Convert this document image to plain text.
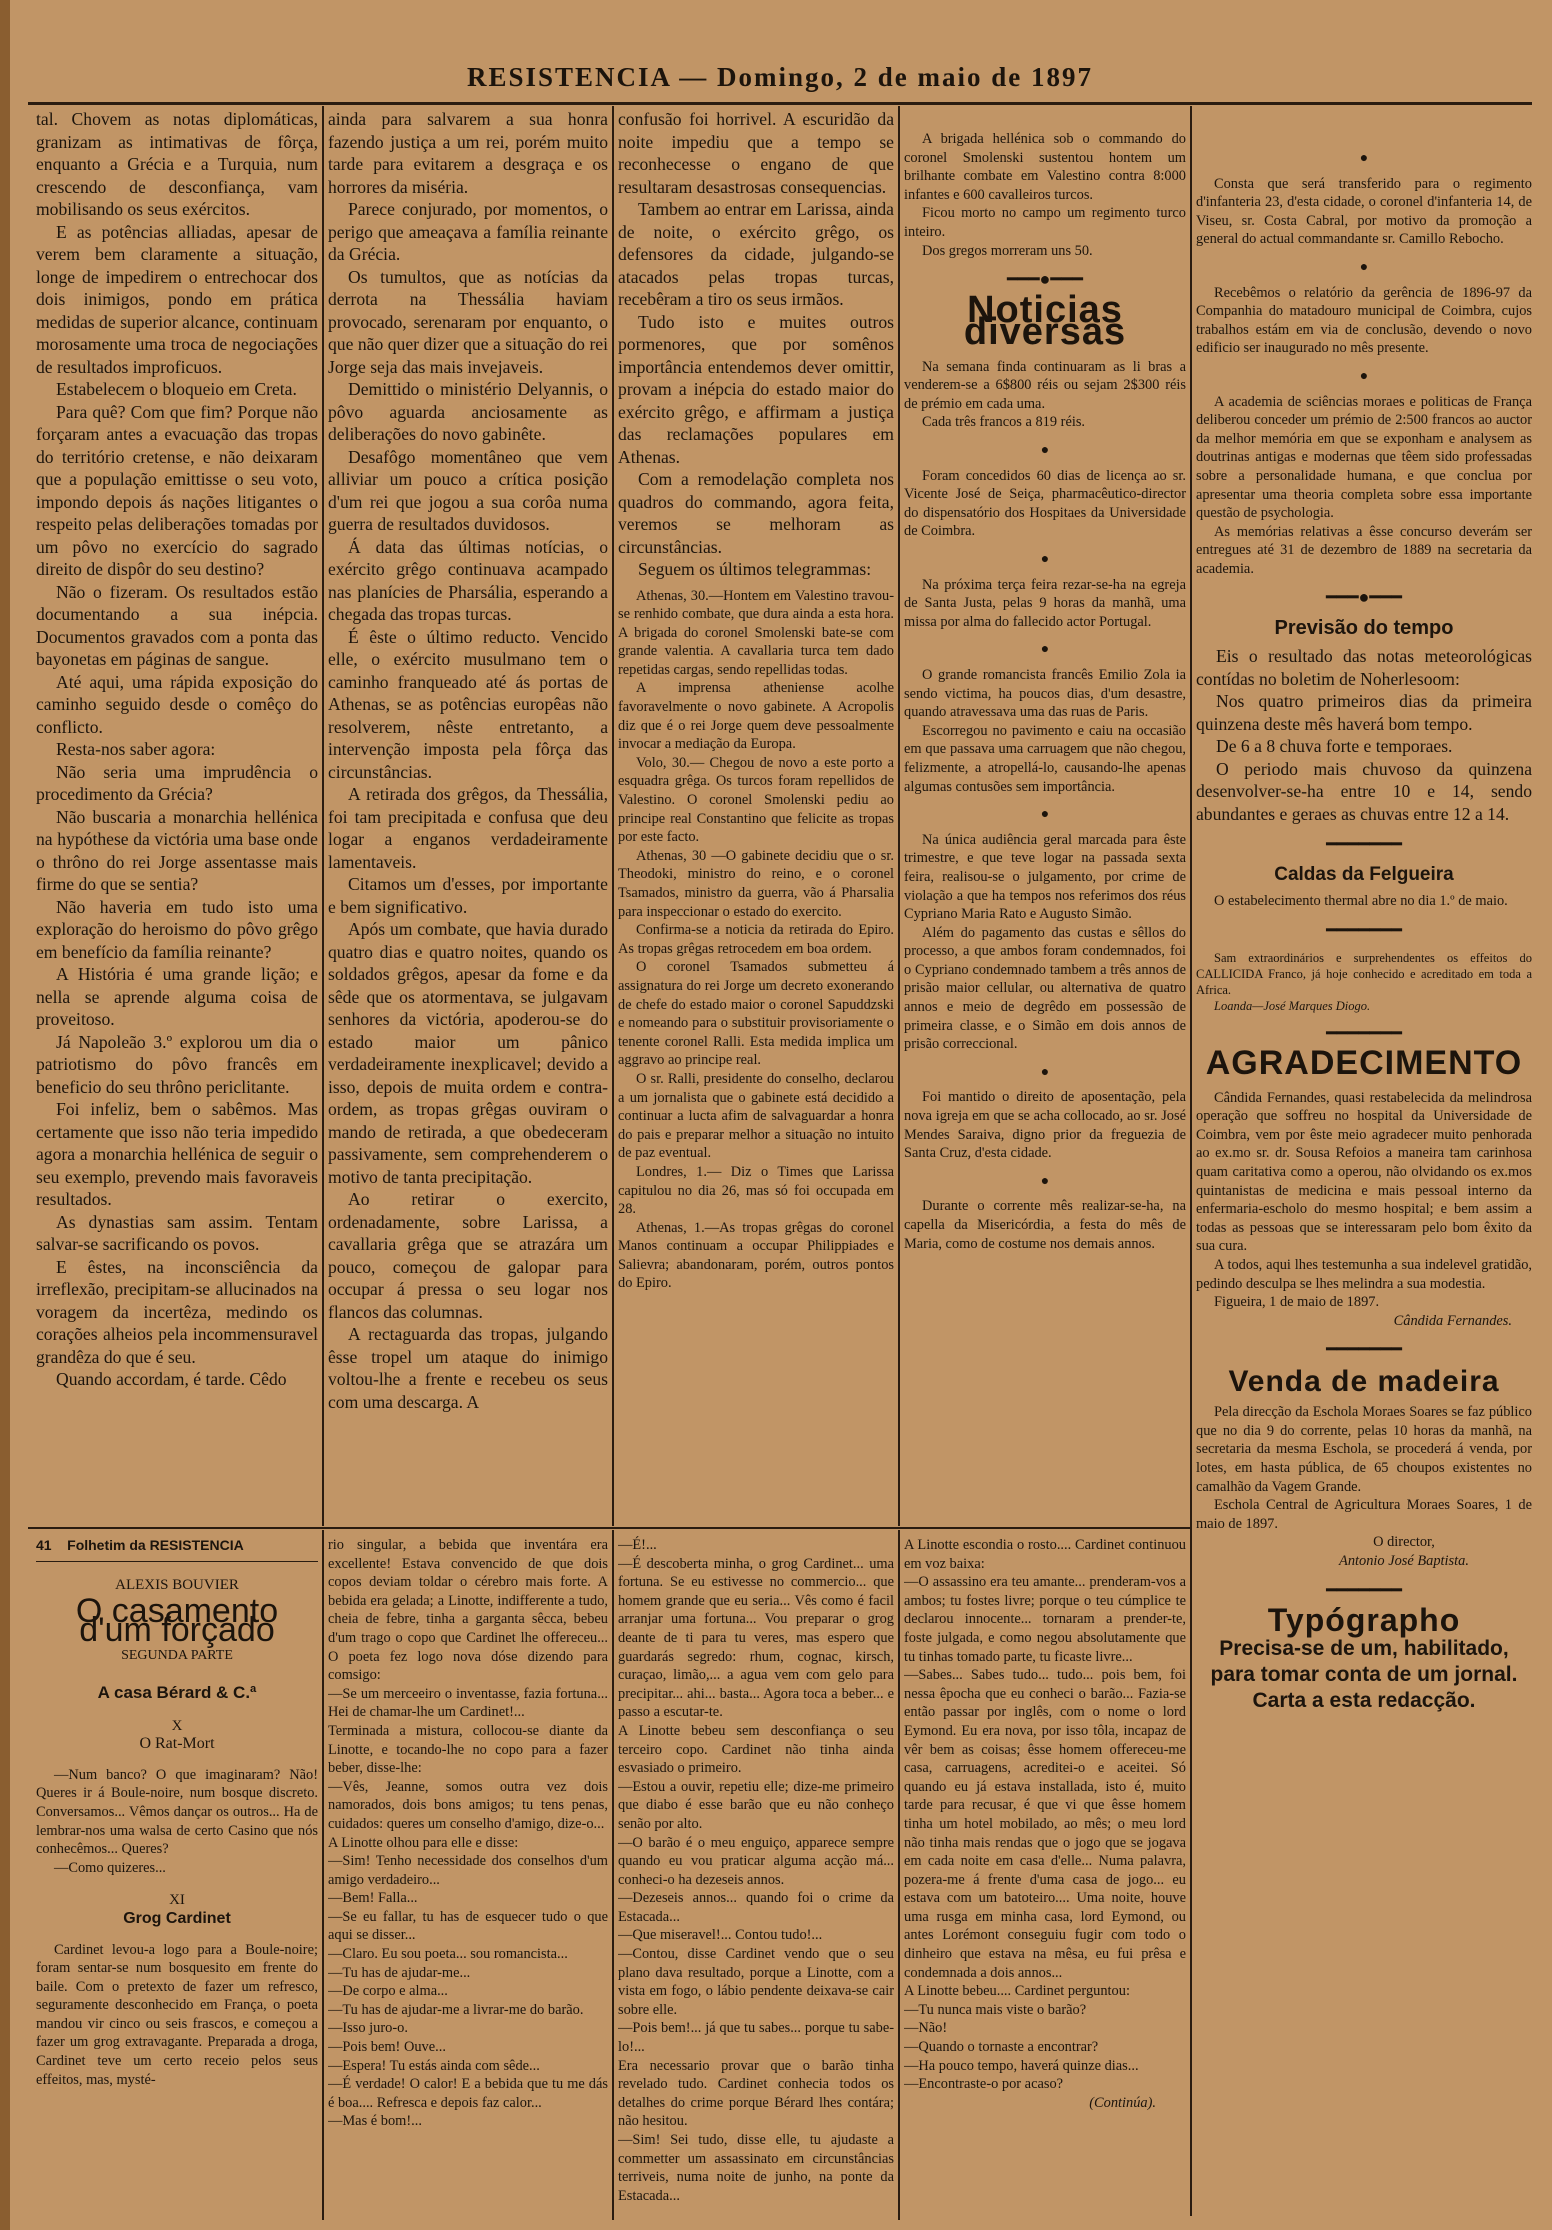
RESISTENCIA — Domingo, 2 de maio de 1897

tal. Chovem as notas diplomáticas, granizam as intimativas de fôrça, enquanto a Grécia e a Turquia, num crescendo de desconfiança, vam mobilisando os seus exércitos.

E as potências alliadas, apesar de verem bem claramente a situação, longe de impedirem o entrechocar dos dois inimigos, pondo em prática medidas de superior alcance, continuam morosamente uma troca de negociações de resultados improficuos.

Estabelecem o bloqueio em Creta.

Para quê? Com que fim? Porque não forçaram antes a evacuação das tropas do território cretense, e não deixaram que a população emittisse o seu voto, impondo depois ás nações litigantes o respeito pelas deliberações tomadas por um pôvo no exercício do sagrado direito de dispôr do seu destino?

Não o fizeram. Os resultados estão documentando a sua inépcia. Documentos gravados com a ponta das bayonetas em páginas de sangue.

Até aqui, uma rápida exposição do caminho seguido desde o comêço do conflicto.

Resta-nos saber agora:

Não seria uma imprudência o procedimento da Grécia?

Não buscaria a monarchia hellénica na hypóthese da victória uma base onde o thrôno do rei Jorge assentasse mais firme do que se sentia?

Não haveria em tudo isto uma exploração do heroismo do pôvo grêgo em benefício da família reinante?

A História é uma grande lição; e nella se aprende alguma coisa de proveitoso.

Já Napoleão 3.º explorou um dia o patriotismo do pôvo francês em beneficio do seu thrôno periclitante.

Foi infeliz, bem o sabêmos. Mas certamente que isso não teria impedido agora a monarchia hellénica de seguir o seu exemplo, prevendo mais favoraveis resultados.

As dynastias sam assim. Tentam salvar-se sacrificando os povos.

E êstes, na inconsciência da irreflexão, precipitam-se allucinados na voragem da incertêza, medindo os corações alheios pela incommensuravel grandêza do que é seu.

Quando accordam, é tarde. Cêdo

ainda para salvarem a sua honra fazendo justiça a um rei, porém muito tarde para evitarem a desgraça e os horrores da miséria.

Parece conjurado, por momentos, o perigo que ameaçava a família reinante da Grécia.

Os tumultos, que as notícias da derrota na Thessália haviam provocado, serenaram por enquanto, o que não quer dizer que a situação do rei Jorge seja das mais invejaveis.

Demittido o ministério Delyannis, o pôvo aguarda anciosamente as deliberações do novo gabinête.

Desafôgo momentâneo que vem alliviar um pouco a crítica posição d'um rei que jogou a sua corôa numa guerra de resultados duvidosos.

Á data das últimas notícias, o exército grêgo continuava acampado nas planícies de Pharsália, esperando a chegada das tropas turcas.

É êste o último reducto. Vencido elle, o exército musulmano tem o caminho franqueado até ás portas de Athenas, se as potências europêas não resolverem, nêste entretanto, a intervenção imposta pela fôrça das circunstâncias.

A retirada dos grêgos, da Thessália, foi tam precipitada e confusa que deu logar a enganos verdadeiramente lamentaveis.

Citamos um d'esses, por importante e bem significativo.

Após um combate, que havia durado quatro dias e quatro noites, quando os soldados grêgos, apesar da fome e da sêde que os atormentava, se julgavam senhores da victória, apoderou-se do estado maior um pânico verdadeiramente inexplicavel; devido a isso, depois de muita ordem e contra-ordem, as tropas grêgas ouviram o mando de retirada, a que obedeceram passivamente, sem comprehenderem o motivo de tanta precipitação.

Ao retirar o exercito, ordenadamente, sobre Larissa, a cavallaria grêga que se atrazára um pouco, começou de galopar para occupar á pressa o seu logar nos flancos das columnas.

A rectaguarda das tropas, julgando êsse tropel um ataque do inimigo voltou-lhe a frente e recebeu os seus com uma descarga. A

confusão foi horrivel. A escuridão da noite impediu que a tempo se reconhecesse o engano de que resultaram desastrosas consequencias.

Tambem ao entrar em Larissa, ainda de noite, o exército grêgo, os defensores da cidade, julgando-se atacados pelas tropas turcas, recebêram a tiro os seus irmãos.

Tudo isto e muites outros pormenores, que por somênos importância entendemos dever omittir, provam a inépcia do estado maior do exército grêgo, e affirmam a justiça das reclamações populares em Athenas.

Com a remodelação completa nos quadros do commando, agora feita, veremos se melhoram as circunstâncias.

Seguem os últimos telegrammas:

Athenas, 30.—Hontem em Valestino travou-se renhido combate, que dura ainda a esta hora. A brigada do coronel Smolenski bate-se com grande valentia. A cavallaria turca tem dado repetidas cargas, sendo repellidas todas.

A imprensa atheniense acolhe favoravelmente o novo gabinete. A Acropolis diz que é o rei Jorge quem deve pessoalmente invocar a mediação da Europa.

Volo, 30.— Chegou de novo a este porto a esquadra grêga. Os turcos foram repellidos de Valestino. O coronel Smolenski pediu ao principe real Constantino que felicite as tropas por este facto.

Athenas, 30 —O gabinete decidiu que o sr. Theodoki, ministro do reino, e o coronel Tsamados, ministro da guerra, vão á Pharsalia para inspeccionar o estado do exercito.

Confirma-se a noticia da retirada do Epiro. As tropas grêgas retrocedem em boa ordem.

O coronel Tsamados submetteu á assignatura do rei Jorge um decreto exonerando de chefe do estado maior o coronel Sapuddzski e nomeando para o substituir provisoriamente o tenente coronel Ralli. Esta medida implica um aggravo ao principe real.

O sr. Ralli, presidente do conselho, declarou a um jornalista que o gabinete está decidido a continuar a lucta afim de salvaguardar a honra do pais e preparar melhor a situação no intuito de paz eventual.

Londres, 1.— Diz o Times que Larissa capitulou no dia 26, mas só foi occupada em 28.

Athenas, 1.—As tropas grêgas do coronel Manos continuam a occupar Philippiades e Salievra; abandonaram, porém, outros pontos do Epiro.

A brigada hellénica sob o commando do coronel Smolenski sustentou hontem um brilhante combate em Valestino contra 8:000 infantes e 600 cavalleiros turcos.

Ficou morto no campo um regimento turco inteiro.

Dos gregos morreram uns 50.

━━━●━━━
Noticias diversas

Na semana finda continuaram as li bras a venderem-se a 6$800 réis ou sejam 2$300 réis de prémio em cada uma.

Cada três francos a 819 réis.

●

Foram concedidos 60 dias de licença ao sr. Vicente José de Seiça, pharmacêutico-director do dispensatório dos Hospitaes da Universidade de Coimbra.

●

Na próxima terça feira rezar-se-ha na egreja de Santa Justa, pelas 9 horas da manhã, uma missa por alma do fallecido actor Portugal.

●

O grande romancista francês Emilio Zola ia sendo victima, ha poucos dias, d'um desastre, quando atravessava uma das ruas de Paris.

Escorregou no pavimento e caiu na occasião em que passava uma carruagem que não chegou, felizmente, a atropellá-lo, causando-lhe apenas algumas contusões sem importância.

●

Na única audiência geral marcada para êste trimestre, e que teve logar na passada sexta feira, realisou-se o julgamento, por crime de violação a que ha tempos nos referimos dos réus Cypriano Maria Rato e Augusto Simão.

Além do pagamento das custas e sêllos do processo, a que ambos foram condemnados, foi o Cypriano condemnado tambem a três annos de prisão maior cellular, ou alternativa de quatro annos e meio de degrêdo em possessão de primeira classe, e o Simão em dois annos de prisão correccional.

●

Foi mantido o direito de aposentação, pela nova igreja em que se acha collocado, ao sr. José Mendes Saraiva, digno prior da freguezia de Santa Cruz, d'esta cidade.

●

Durante o corrente mês realizar-se-ha, na capella da Misericórdia, a festa do mês de Maria, como de costume nos demais annos.

●

Consta que será transferido para o regimento d'infanteria 23, d'esta cidade, o coronel d'infanteria 14, de Viseu, sr. Costa Cabral, por motivo da promoção a general do actual commandante sr. Camillo Rebocho.

●

Recebêmos o relatório da gerência de 1896-97 da Companhia do matadouro municipal de Coimbra, cujos trabalhos estám em via de conclusão, devendo o novo edificio ser inaugurado no mês presente.

●

A academia de sciências moraes e politicas de França deliberou conceder um prémio de 2:500 francos ao auctor da melhor memória em que se exponham e analysem as doutrinas antigas e modernas que têem sido professadas sobre a personalidade humana, e que conclua por apresentar uma theoria completa sobre essa importante questão de psychologia.

As memórias relativas a êsse concurso deverám ser entregues até 31 de dezembro de 1889 na secretaria da academia.

━━━●━━━
Previsão do tempo

Eis o resultado das notas meteorológicas contídas no boletim de Noherlesoom:

Nos quatro primeiros dias da primeira quinzena deste mês haverá bom tempo.

De 6 a 8 chuva forte e temporaes.

O periodo mais chuvoso da quinzena desenvolver-se-ha entre 10 e 14, sendo abundantes e geraes as chuvas entre 12 a 14.

━━━━━━━
Caldas da Felgueira

O estabelecimento thermal abre no dia 1.º de maio.

━━━━━━━

Sam extraordinários e surprehendentes os effeitos do CALLICIDA Franco, já hoje conhecido e acreditado em toda a Africa.

Loanda—José Marques Diogo.

━━━━━━━
AGRADECIMENTO

Cândida Fernandes, quasi restabelecida da melindrosa operação que soffreu no hospital da Universidade de Coimbra, vem por êste meio agradecer muito penhorada ao ex.mo sr. dr. Sousa Refoios a maneira tam carinhosa quam caritativa como a operou, não olvidando os ex.mos quintanistas de medicina e mais pessoal interno da enfermaria-escholo do mesmo hospital; e bem assim a todas as pessoas que se interessaram pelo bom êxito da sua cura.

A todos, aqui lhes testemunha a sua indelevel gratidão, pedindo desculpa se lhes melindra a sua modestia.

Figueira, 1 de maio de 1897.

Cândida Fernandes.
━━━━━━━
Venda de madeira

Pela direcção da Eschola Moraes Soares se faz público que no dia 9 do corrente, pelas 10 horas da manhã, na secretaria da mesma Eschola, se procederá á venda, por lotes, em hasta pública, de 65 choupos existentes no camalhão da Vagem Grande.

Eschola Central de Agricultura Moraes Soares, 1 de maio de 1897.

O director,
Antonio José Baptista.
━━━━━━━
Typógrapho
Precisa-se de um, habilitado, para tomar conta de um jornal.
Carta a esta redacção.
41 Folhetim da RESISTENCIA
ALEXIS BOUVIER
O casamento d'um forçado
SEGUNDA PARTE
A casa Bérard & C.ª
X
O Rat-Mort

—Num banco? O que imaginaram? Não! Queres ir á Boule-noire, num bosque discreto. Conversamos... Vêmos dançar os outros... Ha de lembrar-nos uma walsa de certo Casino que nós conhecêmos... Queres?

—Como quizeres...

XI
Grog Cardinet

Cardinet levou-a logo para a Boule-noire; foram sentar-se num bosquesito em frente do baile. Com o pretexto de fazer um refresco, seguramente desconhecido em França, o poeta mandou vir cinco ou seis frascos, e começou a fazer um grog extravagante. Preparada a droga, Cardinet teve um certo receio pelos seus effeitos, mas, mysté-

rio singular, a bebida que inventára era excellente! Estava convencido de que dois copos deviam toldar o cérebro mais forte. A bebida era gelada; a Linotte, indifferente a tudo, cheia de febre, tinha a garganta sêcca, bebeu d'um trago o copo que Cardinet lhe offereceu... O poeta fez logo nova dóse dizendo para comsigo:
—Se um merceeiro o inventasse, fazia fortuna... Hei de chamar-lhe um Cardinet!...
Terminada a mistura, collocou-se diante da Linotte, e tocando-lhe no copo para a fazer beber, disse-lhe:
—Vês, Jeanne, somos outra vez dois namorados, dois bons amigos; tu tens penas, cuidados: queres um conselho d'amigo, dize-o...
A Linotte olhou para elle e disse:
—Sim! Tenho necessidade dos conselhos d'um amigo verdadeiro...
—Bem! Falla...
—Se eu fallar, tu has de esquecer tudo o que aqui se disser...
—Claro. Eu sou poeta... sou romancista...
—Tu has de ajudar-me...
—De corpo e alma...
—Tu has de ajudar-me a livrar-me do barão.
—Isso juro-o.
—Pois bem! Ouve...
—Espera! Tu estás ainda com sêde...
—É verdade! O calor! E a bebida que tu me dás é boa.... Refresca e depois faz calor...
—Mas é bom!...
—É!...
—É descoberta minha, o grog Cardinet... uma fortuna. Se eu estivesse no commercio... que homem grande que eu seria... Vês como é facil arranjar uma fortuna... Vou preparar o grog deante de ti para tu veres, mas espero que guardarás segredo: rhum, cognac, kirsch, curaçao, limão,... a agua vem com gelo para precipitar... ahi... basta... Agora toca a beber... e passo a escutar-te.
A Linotte bebeu sem desconfiança o seu terceiro copo. Cardinet não tinha ainda esvasiado o primeiro.
—Estou a ouvir, repetiu elle; dize-me primeiro que diabo é esse barão que eu não conheço senão por alto.
—O barão é o meu enguiço, apparece sempre quando eu vou praticar alguma acção má... conheci-o ha dezeseis annos.
—Dezeseis annos... quando foi o crime da Estacada...
—Que miseravel!... Contou tudo!...
—Contou, disse Cardinet vendo que o seu plano dava resultado, porque a Linotte, com a vista em fogo, o lábio pendente deixava-se cair sobre elle.
—Pois bem!... já que tu sabes... porque tu sabe-lo!...
Era necessario provar que o barão tinha revelado tudo. Cardinet conhecia todos os detalhes do crime porque Bérard lhes contára; não hesitou.
—Sim! Sei tudo, disse elle, tu ajudaste a commetter um assassinato em circunstâncias terriveis, numa noite de junho, na ponte da Estacada...
A Linotte escondia o rosto.... Cardinet continuou em voz baixa:
—O assassino era teu amante... prenderam-vos a ambos; tu fostes livre; porque o teu cúmplice te declarou innocente... tornaram a prender-te, foste julgada, e como negou absolutamente que tu tinhas tomado parte, tu ficaste livre...
—Sabes... Sabes tudo... tudo... pois bem, foi nessa êpocha que eu conheci o barão... Fazia-se então passar por inglês, com o nome o lord Eymond. Eu era nova, por isso tôla, incapaz de vêr bem as coisas; êsse homem offereceu-me casa, carruagens, acreditei-o e aceitei. Só quando eu já estava installada, isto é, muito tarde para recusar, é que vi que êsse homem tinha um hotel mobilado, ao mês; o meu lord não tinha mais rendas que o jogo que se jogava em cada noite em casa d'elle... Numa palavra, pozera-me á frente d'uma casa de jogo... eu estava com um batoteiro.... Uma noite, houve uma rusga em minha casa, lord Eymond, ou antes Lorémont conseguiu fugir com todo o dinheiro que estava na mêsa, eu fui prêsa e condemnada a dois annos...
A Linotte bebeu.... Cardinet perguntou:
—Tu nunca mais viste o barão?
—Não!
—Quando o tornaste a encontrar?
—Ha pouco tempo, haverá quinze dias...
—Encontraste-o por acaso?
(Continúa).
